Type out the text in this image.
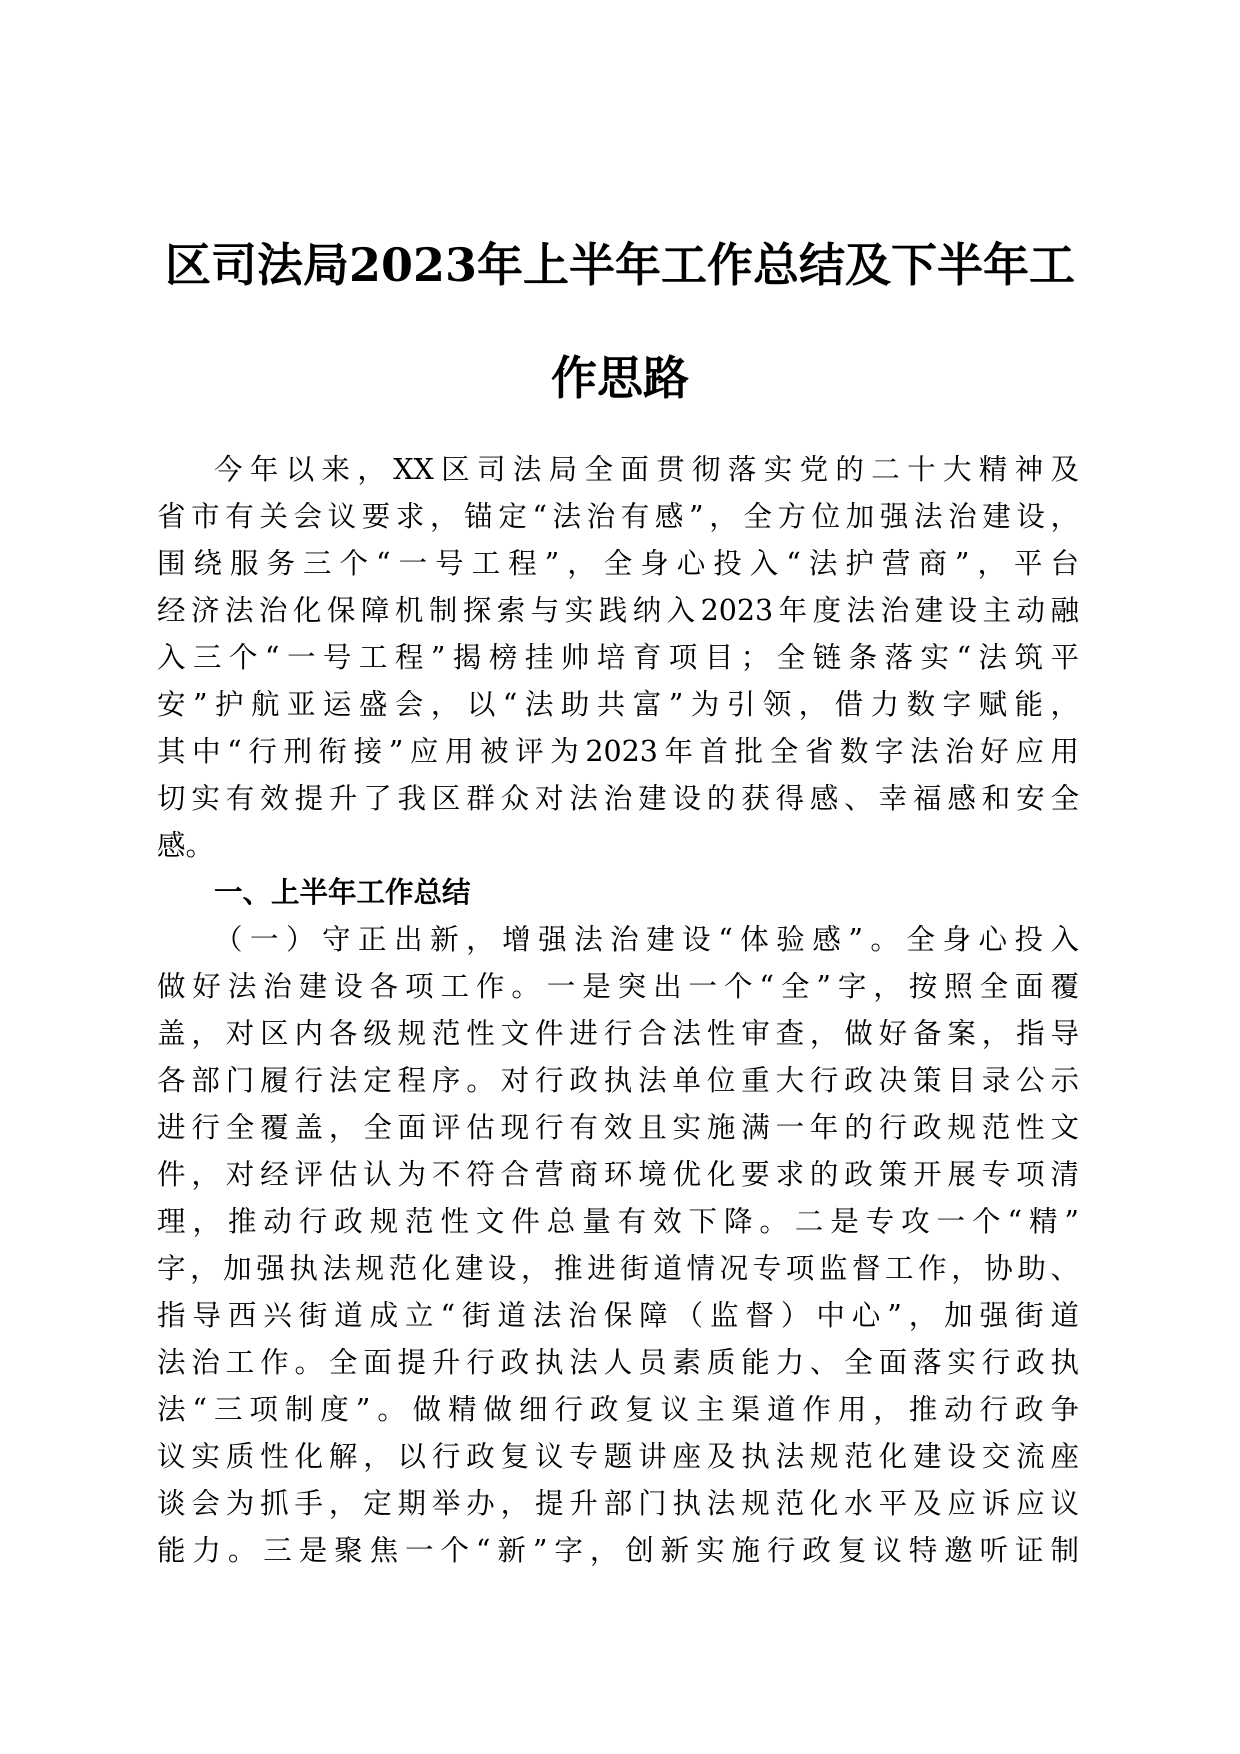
区司法局2023年上半年工作总结及下半年工
作思路

今年以来，XX区司法局全面贯彻落实党的二十大精神及

省市有关会议要求，锚定“法治有感”，全方位加强法治建设，

围绕服务三个“一号工程”，全身心投入“法护营商”，平台

经济法治化保障机制探索与实践纳入2023年度法治建设主动融

入三个“一号工程”揭榜挂帅培育项目；全链条落实“法筑平

安”护航亚运盛会，以“法助共富”为引领，借力数字赋能，

其中“行刑衔接”应用被评为2023年首批全省数字法治好应用

切实有效提升了我区群众对法治建设的获得感、幸福感和安全

感。

一、上半年工作总结

（一）守正出新，增强法治建设“体验感”。全身心投入

做好法治建设各项工作。一是突出一个“全”字，按照全面覆

盖，对区内各级规范性文件进行合法性审查，做好备案，指导

各部门履行法定程序。对行政执法单位重大行政决策目录公示

进行全覆盖，全面评估现行有效且实施满一年的行政规范性文

件，对经评估认为不符合营商环境优化要求的政策开展专项清

理，推动行政规范性文件总量有效下降。二是专攻一个“精”

字，加强执法规范化建设，推进街道情况专项监督工作，协助、

指导西兴街道成立“街道法治保障（监督）中心”，加强街道

法治工作。全面提升行政执法人员素质能力、全面落实行政执

法“三项制度”。做精做细行政复议主渠道作用，推动行政争

议实质性化解，以行政复议专题讲座及执法规范化建设交流座

谈会为抓手，定期举办，提升部门执法规范化水平及应诉应议

能力。三是聚焦一个“新”字，创新实施行政复议特邀听证制
